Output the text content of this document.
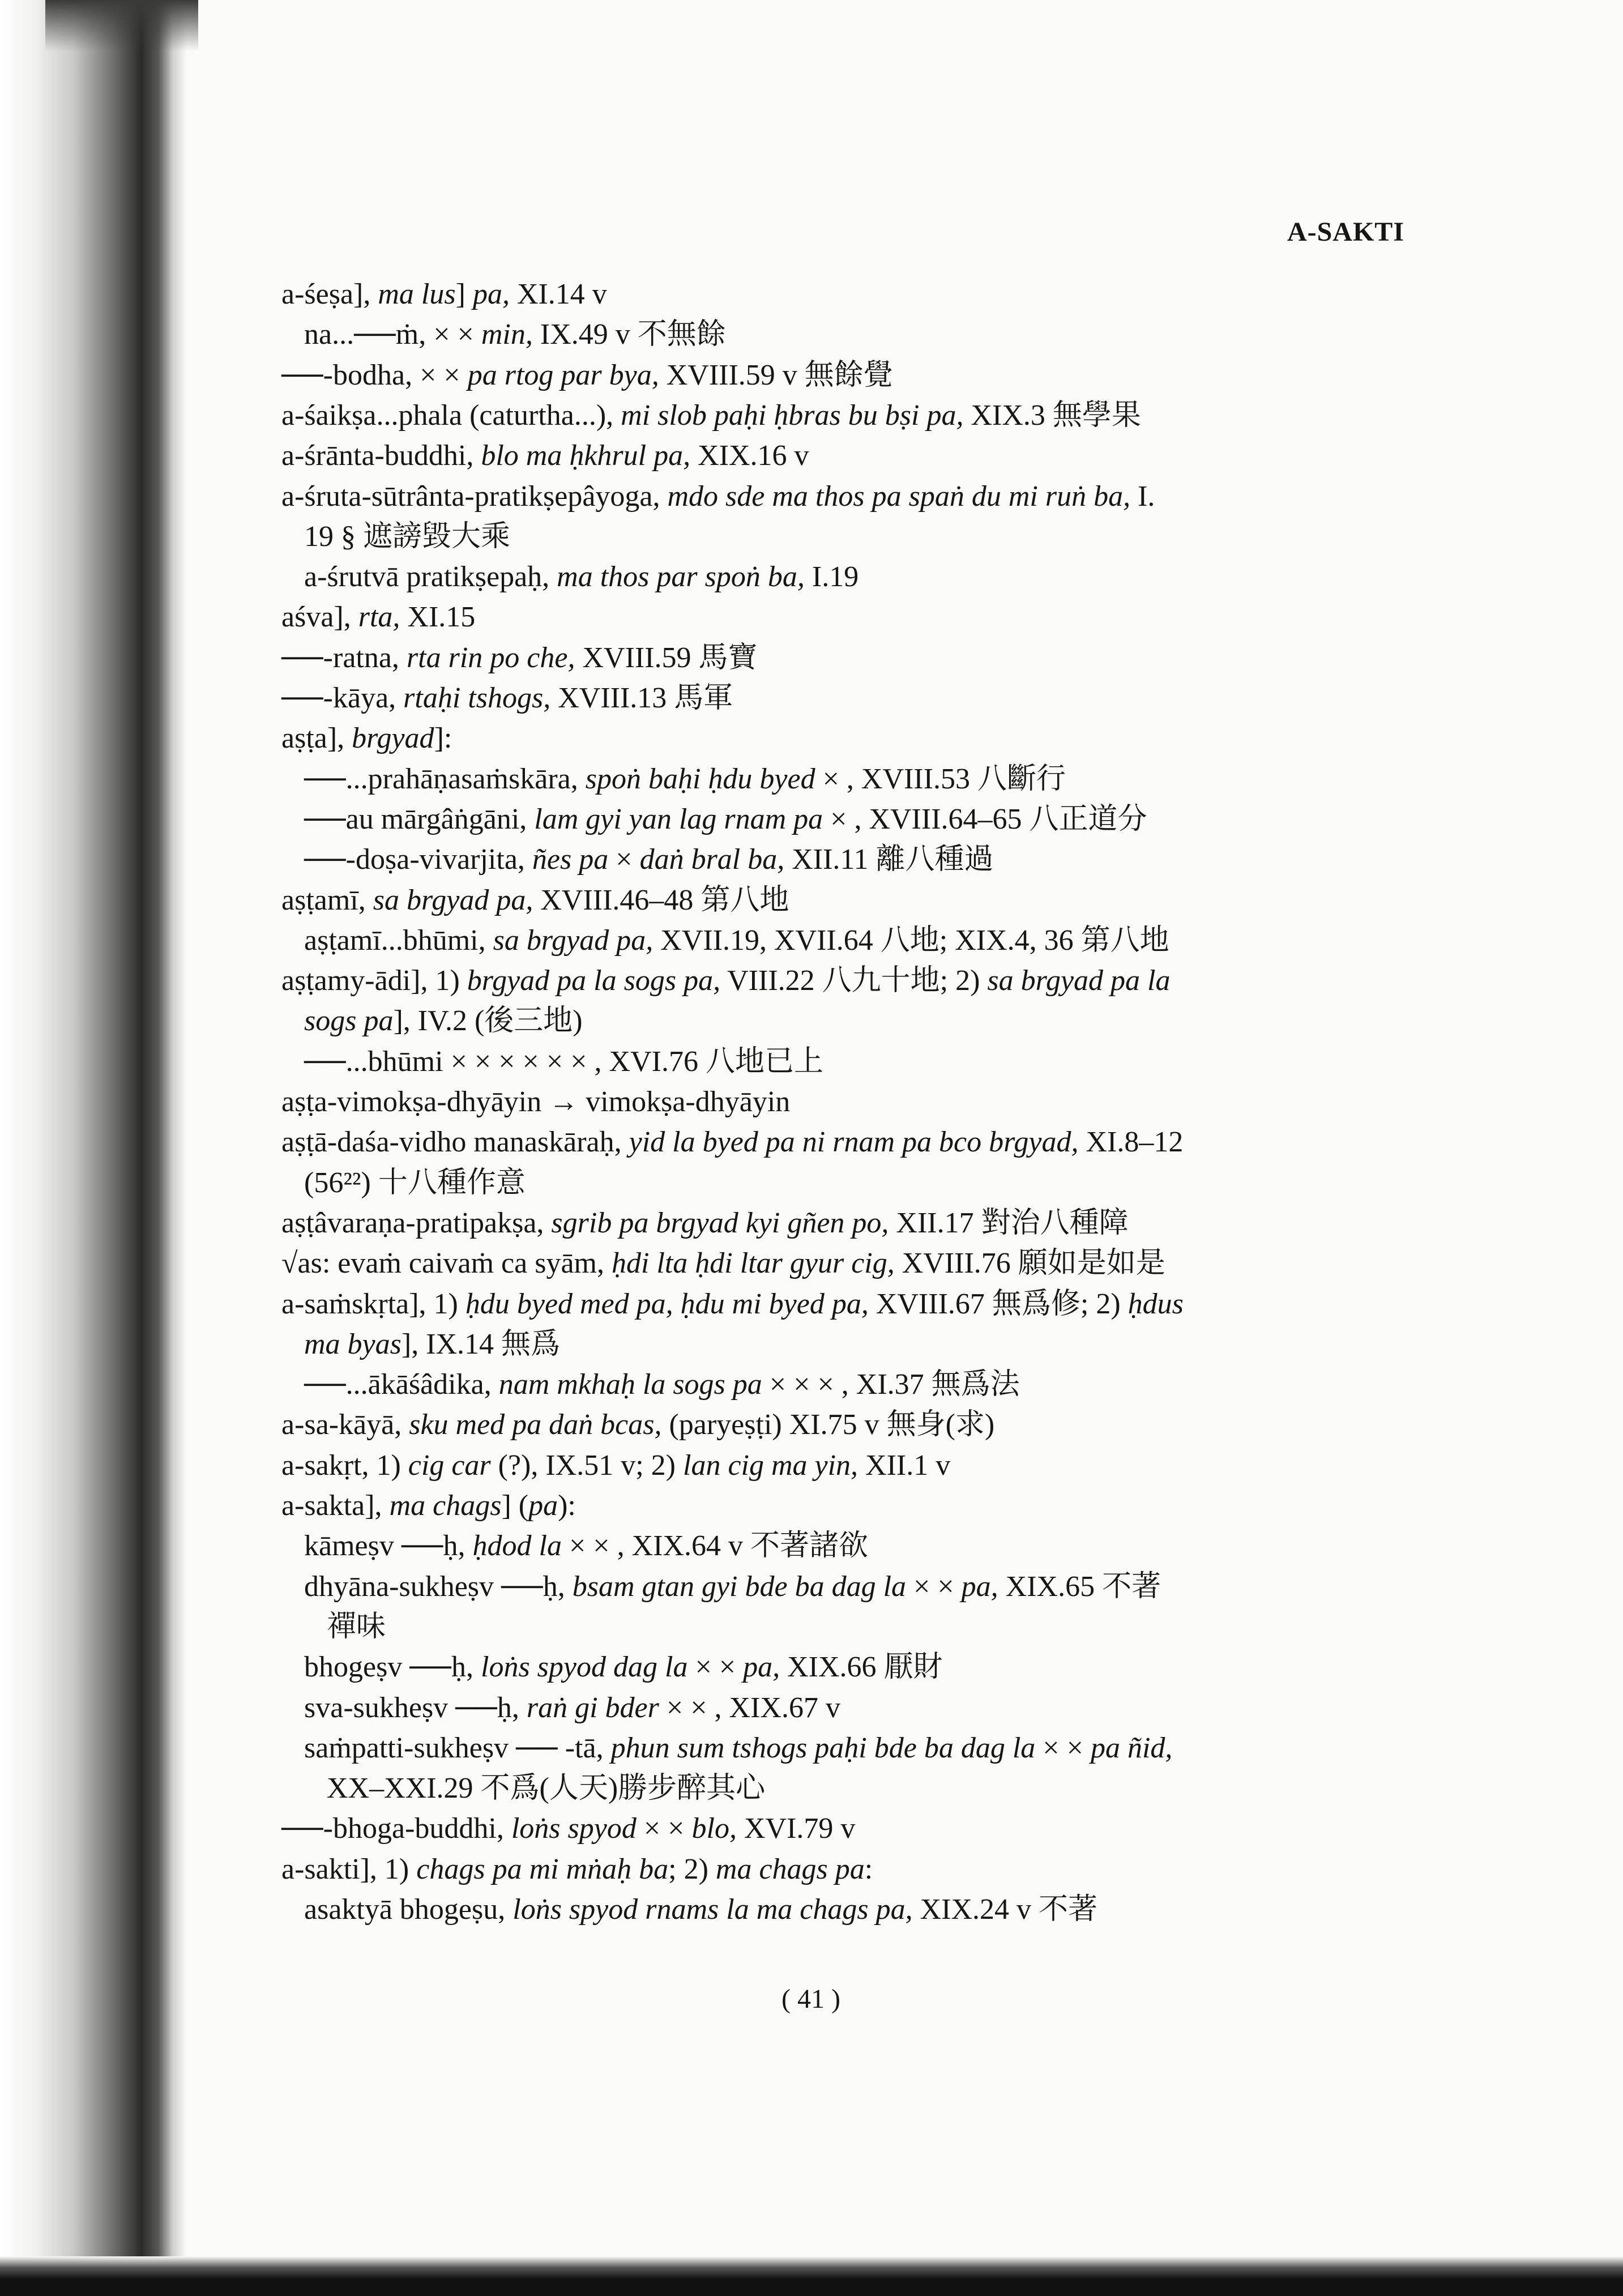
A-SAKTI
a-śeṣa], ma lus] pa, XI.14 v
na...──ṁ, × × min, IX.49 v 不無餘
──-bodha, × × pa rtog par bya, XVIII.59 v 無餘覺
a-śaikṣa...phala (caturtha...), mi slob paḥi ḥbras bu bṣi pa, XIX.3 無學果
a-śrānta-buddhi, blo ma ḥkhrul pa, XIX.16 v
a-śruta-sūtrânta-pratikṣepâyoga, mdo sde ma thos pa spaṅ du mi ruṅ ba, I.
19 § 遮謗毀大乘
a-śrutvā pratikṣepaḥ, ma thos par spoṅ ba, I.19
aśva], rta, XI.15
──-ratna, rta rin po che, XVIII.59 馬寶
──-kāya, rtaḥi tshogs, XVIII.13 馬軍
aṣṭa], brgyad]:
──...prahāṇasaṁskāra, spoṅ baḥi ḥdu byed × , XVIII.53 八斷行
──au mārgâṅgāni, lam gyi yan lag rnam pa × , XVIII.64–65 八正道分
──-doṣa-vivarjita, ñes pa × daṅ bral ba, XII.11 離八種過
aṣṭamī, sa brgyad pa, XVIII.46–48 第八地
aṣṭamī...bhūmi, sa brgyad pa, XVII.19, XVII.64 八地; XIX.4, 36 第八地
aṣṭamy-ādi], 1) brgyad pa la sogs pa, VIII.22 八九十地; 2) sa brgyad pa la
sogs pa], IV.2 (後三地)
──...bhūmi × × × × × × , XVI.76 八地已上
aṣṭa-vimokṣa-dhyāyin → vimokṣa-dhyāyin
aṣṭā-daśa-vidho manaskāraḥ, yid la byed pa ni rnam pa bco brgyad, XI.8–12
(56²²) 十八種作意
aṣṭâvaraṇa-pratipakṣa, sgrib pa brgyad kyi gñen po, XII.17 對治八種障
√as: evaṁ caivaṁ ca syām, ḥdi lta ḥdi ltar gyur cig, XVIII.76 願如是如是
a-saṁskṛta], 1) ḥdu byed med pa, ḥdu mi byed pa, XVIII.67 無爲修; 2) ḥdus
ma byas], IX.14 無爲
──...ākāśâdika, nam mkhaḥ la sogs pa × × × , XI.37 無爲法
a-sa-kāyā, sku med pa daṅ bcas, (paryeṣṭi) XI.75 v 無身(求)
a-sakṛt, 1) cig car (?), IX.51 v; 2) lan cig ma yin, XII.1 v
a-sakta], ma chags] (pa):
kāmeṣv ──ḥ, ḥdod la × × , XIX.64 v 不著諸欲
dhyāna-sukheṣv ──ḥ, bsam gtan gyi bde ba dag la × × pa, XIX.65 不著
禪味
bhogeṣv ──ḥ, loṅs spyod dag la × × pa, XIX.66 厭財
sva-sukheṣv ──ḥ, raṅ gi bder × × , XIX.67 v
saṁpatti-sukheṣv ── -tā, phun sum tshogs paḥi bde ba dag la × × pa ñid,
XX–XXI.29 不爲(人天)勝步醉其心
──-bhoga-buddhi, loṅs spyod × × blo, XVI.79 v
a-sakti], 1) chags pa mi mṅaḥ ba; 2) ma chags pa:
asaktyā bhogeṣu, loṅs spyod rnams la ma chags pa, XIX.24 v 不著
( 41 )
